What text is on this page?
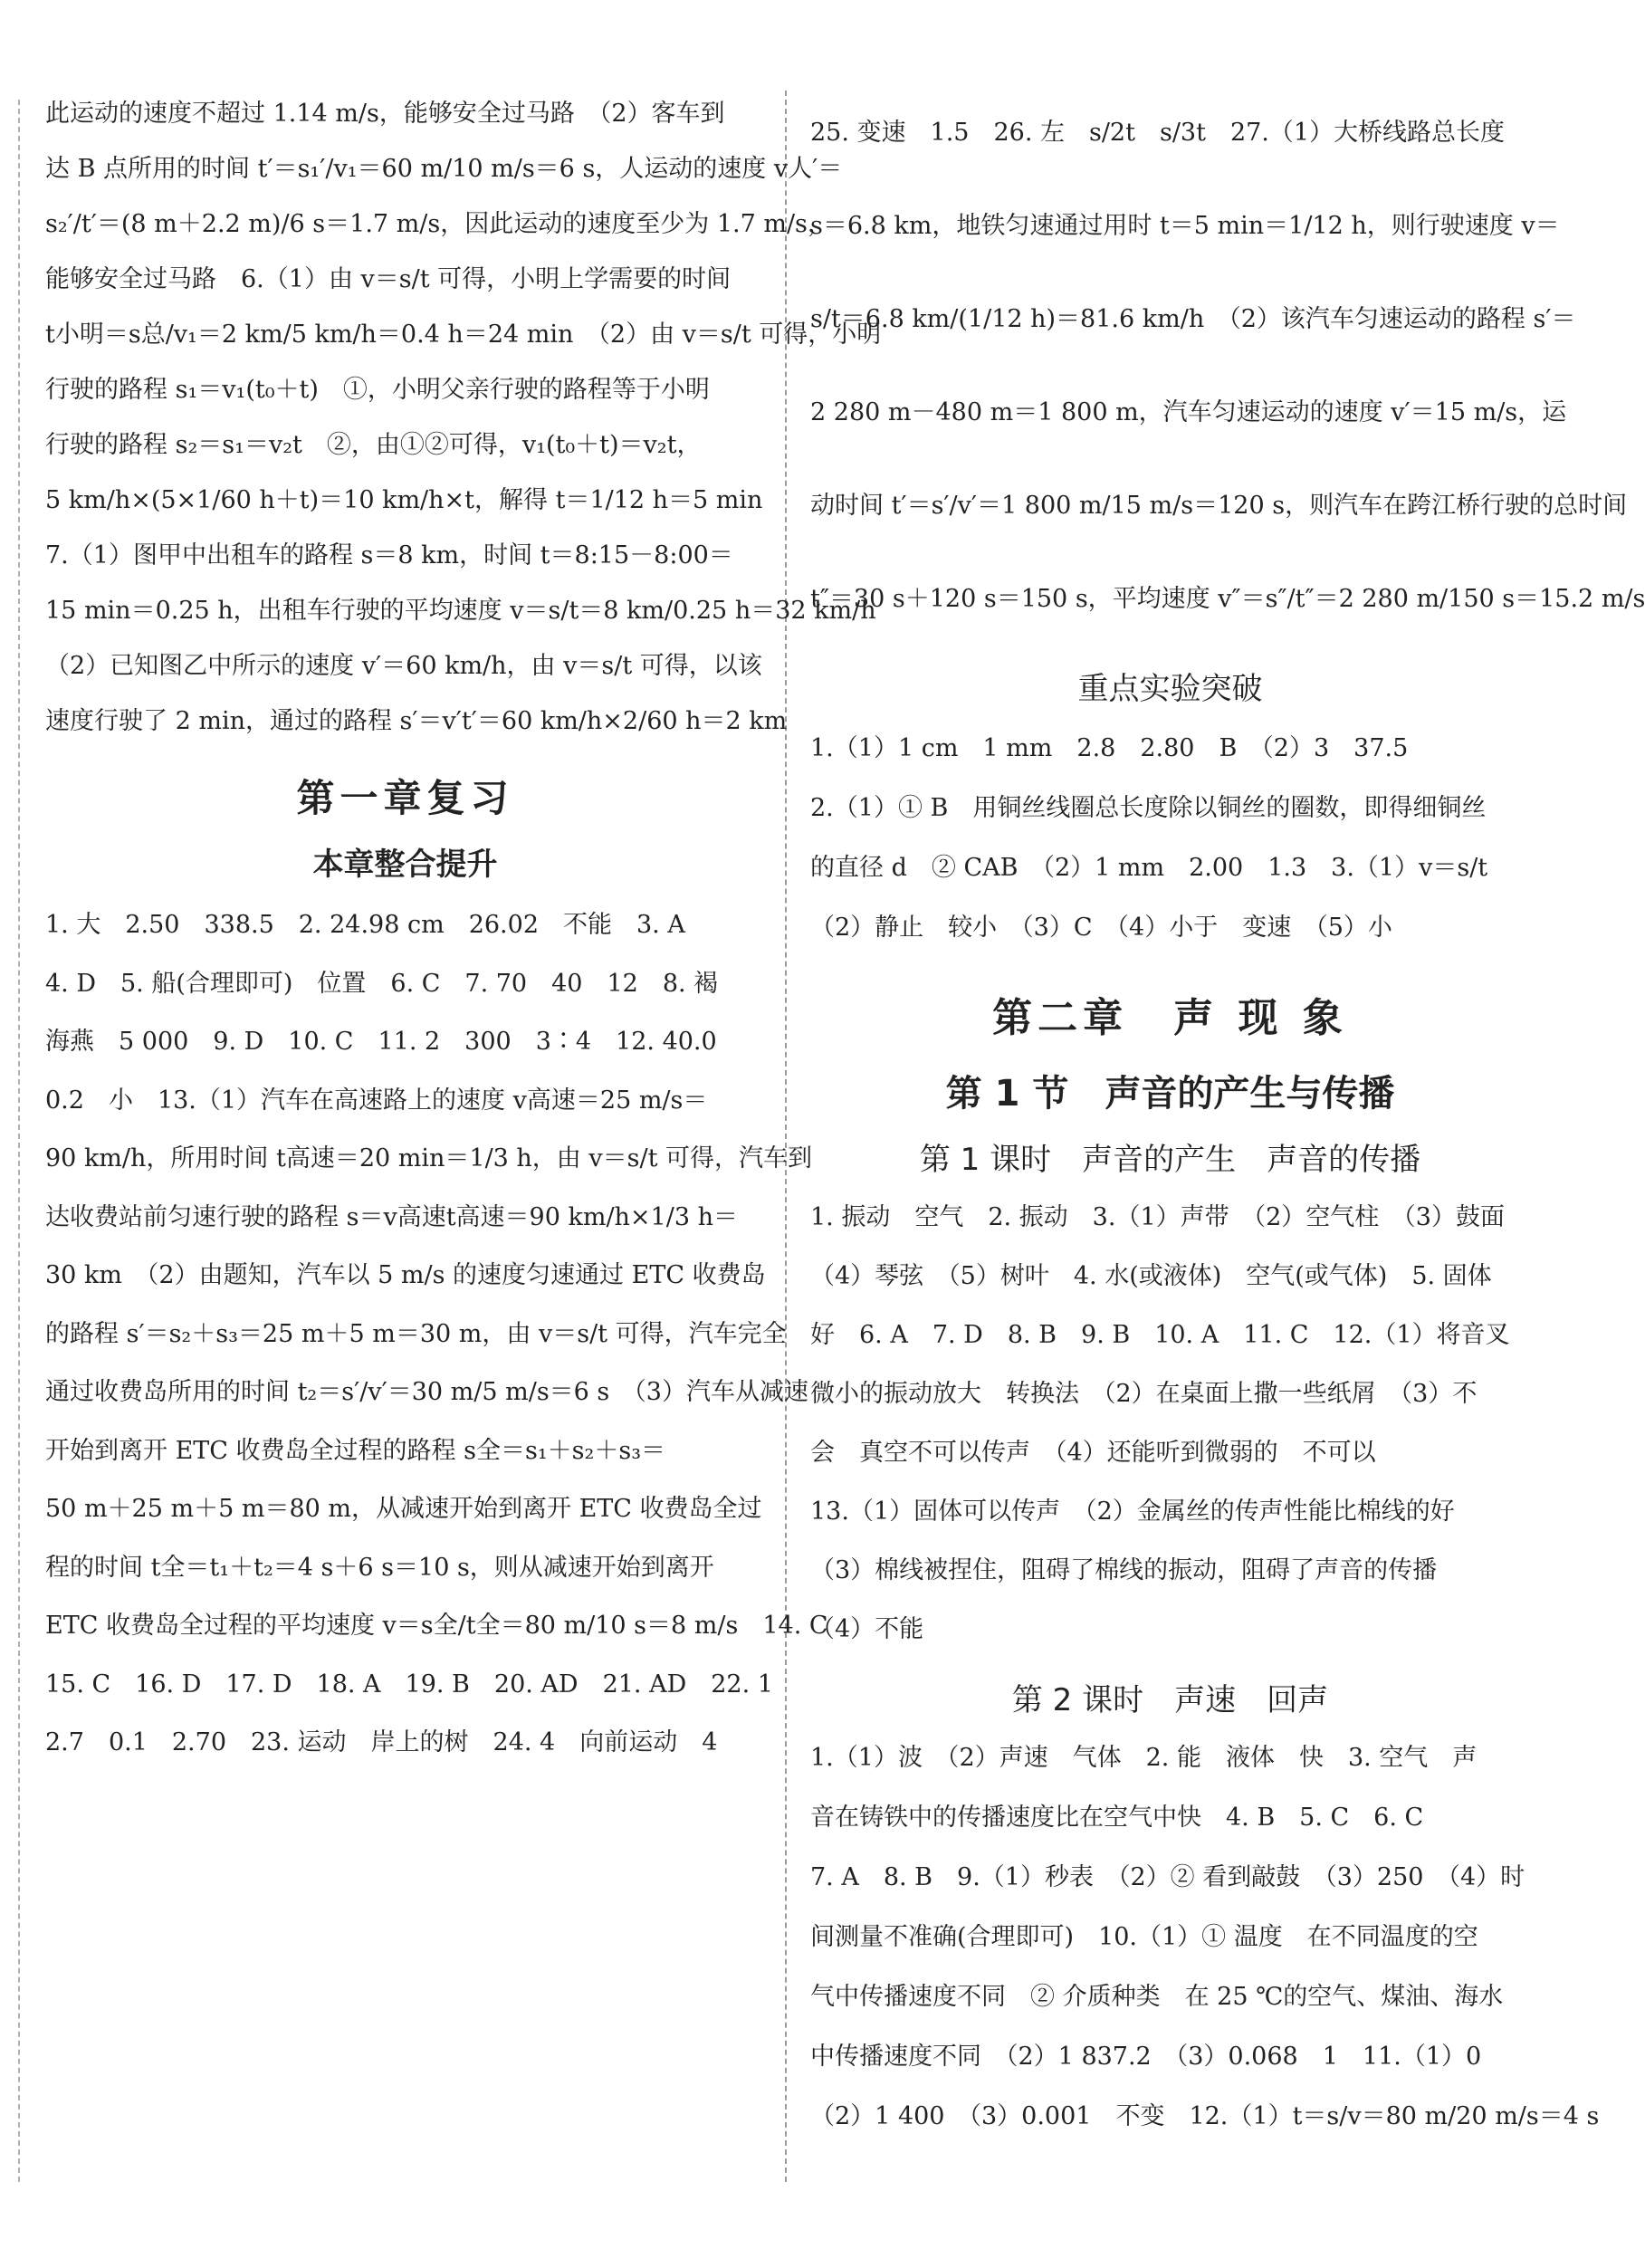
此运动的速度不超过 1.14 m/s，能够安全过马路　（2）客车到
达 B 点所用的时间 t′＝s₁′/v₁＝60 m/10 m/s＝6 s，人运动的速度 v人′＝
s₂′/t′＝(8 m＋2.2 m)/6 s＝1.7 m/s，因此运动的速度至少为 1.7 m/s，
能够安全过马路　6.（1）由 v＝s/t 可得，小明上学需要的时间
t小明＝s总/v₁＝2 km/5 km/h＝0.4 h＝24 min　（2）由 v＝s/t 可得，小明
行驶的路程 s₁＝v₁(t₀＋t)　①，小明父亲行驶的路程等于小明
行驶的路程 s₂＝s₁＝v₂t　②，由①②可得，v₁(t₀＋t)＝v₂t，
5 km/h×(5×1/60 h＋t)＝10 km/h×t，解得 t＝1/12 h＝5 min
7.（1）图甲中出租车的路程 s＝8 km，时间 t＝8:15－8:00＝
15 min＝0.25 h，出租车行驶的平均速度 v＝s/t＝8 km/0.25 h＝32 km/h
（2）已知图乙中所示的速度 v′＝60 km/h，由 v＝s/t 可得，以该
速度行驶了 2 min，通过的路程 s′＝v′t′＝60 km/h×2/60 h＝2 km
第一章复习
本章整合提升
1. 大　2.50　338.5　2. 24.98 cm　26.02　不能　3. A
4. D　5. 船(合理即可)　位置　6. C　7. 70　40　12　8. 褐
海燕　5 000　9. D　10. C　11. 2　300　3∶4　12. 40.0
0.2　小　13.（1）汽车在高速路上的速度 v高速＝25 m/s＝
90 km/h，所用时间 t高速＝20 min＝1/3 h，由 v＝s/t 可得，汽车到
达收费站前匀速行驶的路程 s＝v高速t高速＝90 km/h×1/3 h＝
30 km　（2）由题知，汽车以 5 m/s 的速度匀速通过 ETC 收费岛
的路程 s′＝s₂＋s₃＝25 m＋5 m＝30 m，由 v＝s/t 可得，汽车完全
通过收费岛所用的时间 t₂＝s′/v′＝30 m/5 m/s＝6 s　（3）汽车从减速
开始到离开 ETC 收费岛全过程的路程 s全＝s₁＋s₂＋s₃＝
50 m＋25 m＋5 m＝80 m，从减速开始到离开 ETC 收费岛全过
程的时间 t全＝t₁＋t₂＝4 s＋6 s＝10 s，则从减速开始到离开
ETC 收费岛全过程的平均速度 v＝s全/t全＝80 m/10 s＝8 m/s　14. C
15. C　16. D　17. D　18. A　19. B　20. AD　21. AD　22. 1
2.7　0.1　2.70　23. 运动　岸上的树　24. 4　向前运动　4
25. 变速　1.5　26. 左　s/2t　s/3t　27.（1）大桥线路总长度
s＝6.8 km，地铁匀速通过用时 t＝5 min＝1/12 h，则行驶速度 v＝
s/t＝6.8 km/(1/12 h)＝81.6 km/h　（2）该汽车匀速运动的路程 s′＝
2 280 m－480 m＝1 800 m，汽车匀速运动的速度 v′＝15 m/s，运
动时间 t′＝s′/v′＝1 800 m/15 m/s＝120 s，则汽车在跨江桥行驶的总时间
t″＝30 s＋120 s＝150 s，平均速度 v″＝s″/t″＝2 280 m/150 s＝15.2 m/s
重点实验突破
1.（1）1 cm　1 mm　2.8　2.80　B　（2）3　37.5
2.（1）① B　用铜丝线圈总长度除以铜丝的圈数，即得细铜丝
的直径 d　② CAB　（2）1 mm　2.00　1.3　3.（1）v＝s/t
（2）静止　较小　（3）C　（4）小于　变速　（5）小
第二章　声 现 象
第 1 节　声音的产生与传播
第 1 课时　声音的产生　声音的传播
1. 振动　空气　2. 振动　3.（1）声带　（2）空气柱　（3）鼓面
（4）琴弦　（5）树叶　4. 水(或液体)　空气(或气体)　5. 固体
好　6. A　7. D　8. B　9. B　10. A　11. C　12.（1）将音叉
微小的振动放大　转换法　（2）在桌面上撒一些纸屑　（3）不
会　真空不可以传声　（4）还能听到微弱的　不可以
13.（1）固体可以传声　（2）金属丝的传声性能比棉线的好
（3）棉线被捏住，阻碍了棉线的振动，阻碍了声音的传播
（4）不能
第 2 课时　声速　回声
1.（1）波　（2）声速　气体　2. 能　液体　快　3. 空气　声
音在铸铁中的传播速度比在空气中快　4. B　5. C　6. C
7. A　8. B　9.（1）秒表　（2）② 看到敲鼓　（3）250　（4）时
间测量不准确(合理即可)　10.（1）① 温度　在不同温度的空
气中传播速度不同　② 介质种类　在 25 ℃的空气、煤油、海水
中传播速度不同　（2）1 837.2　（3）0.068　1　11.（1）0
（2）1 400　（3）0.001　不变　12.（1）t＝s/v＝80 m/20 m/s＝4 s
